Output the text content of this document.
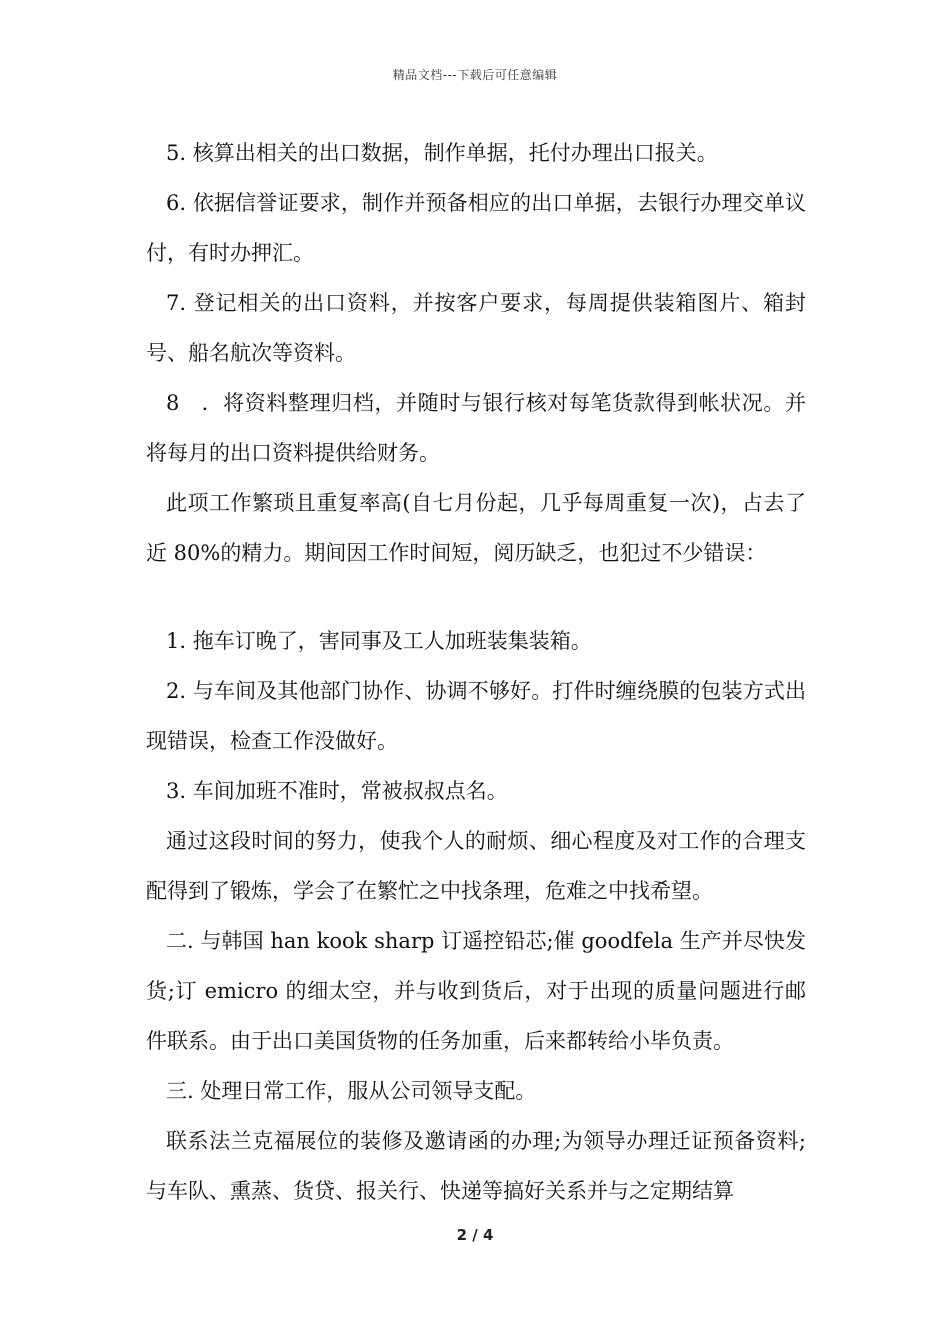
精品文档---下载后可任意编辑

5. 核算出相关的出口数据，制作单据，托付办理出口报关。

6. 依据信誉证要求，制作并预备相应的出口单据，去银行办理交单议付，有时办押汇。

7. 登记相关的出口资料，并按客户要求，每周提供装箱图片、箱封号、船名航次等资料。

8　．将资料整理归档，并随时与银行核对每笔货款得到帐状况。并将每月的出口资料提供给财务。

此项工作繁琐且重复率高(自七月份起，几乎每周重复一次)，占去了近 80%的精力。期间因工作时间短，阅历缺乏，也犯过不少错误：

1. 拖车订晚了，害同事及工人加班装集装箱。

2. 与车间及其他部门协作、协调不够好。打件时缠绕膜的包装方式出现错误，检查工作没做好。

3. 车间加班不准时，常被叔叔点名。

通过这段时间的努力，使我个人的耐烦、细心程度及对工作的合理支配得到了锻炼，学会了在繁忙之中找条理，危难之中找希望。

二. 与韩国 han kook sharp 订遥控铅芯;催 goodfela 生产并尽快发货;订 emicro 的细太空，并与收到货后，对于出现的质量问题进行邮件联系。由于出口美国货物的任务加重，后来都转给小毕负责。

三. 处理日常工作，服从公司领导支配。

联系法兰克福展位的装修及邀请函的办理;为领导办理迁证预备资料;与车队、熏蒸、货贷、报关行、快递等搞好关系并与之定期结算

2 / 4
